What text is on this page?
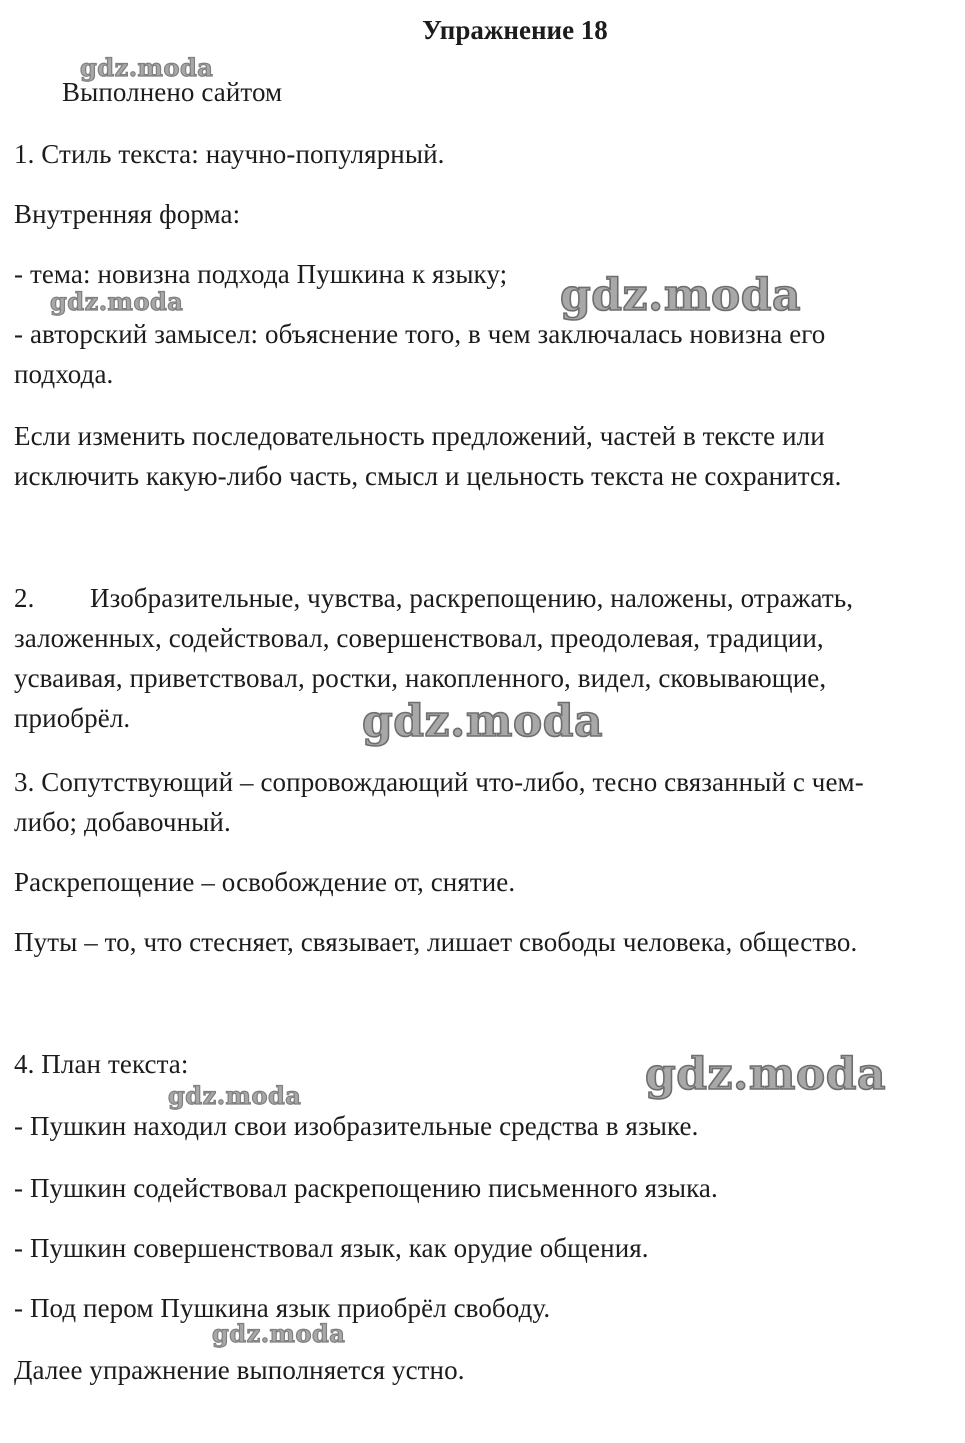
Упражнение 18
gdz.moda
gdz.moda	gdz.moda
gdz.moda
gdz.moda
gdz.moda
gdz.moda
Выполнено сайтом
1. Стиль текста: научно-популярный.
Внутренняя форма:
- тема: новизна подхода Пушкина к языку;
- авторский замысел: объяснение того, в чем заключалась новизна его
подхода.
Если изменить последовательность предложений, частей в тексте или
исключить какую-либо часть, смысл и цельность текста не сохранится.
2. Изобразительные, чувства, раскрепощению, наложены, отражать,
заложенных, содействовал, совершенствовал, преодолевая, традиции,
усваивая, приветствовал, ростки, накопленного, видел, сковывающие,
приобрёл.
3. Сопутствующий – сопровождающий что-либо, тесно связанный с чем-
либо; добавочный.
Раскрепощение – освобождение от, снятие.
Путы – то, что стесняет, связывает, лишает свободы человека, общество.
4. План текста:
- Пушкин находил свои изобразительные средства в языке.
- Пушкин содействовал раскрепощению письменного языка.
- Пушкин совершенствовал язык, как орудие общения.
- Под пером Пушкина язык приобрёл свободу.
Далее упражнение выполняется устно.
